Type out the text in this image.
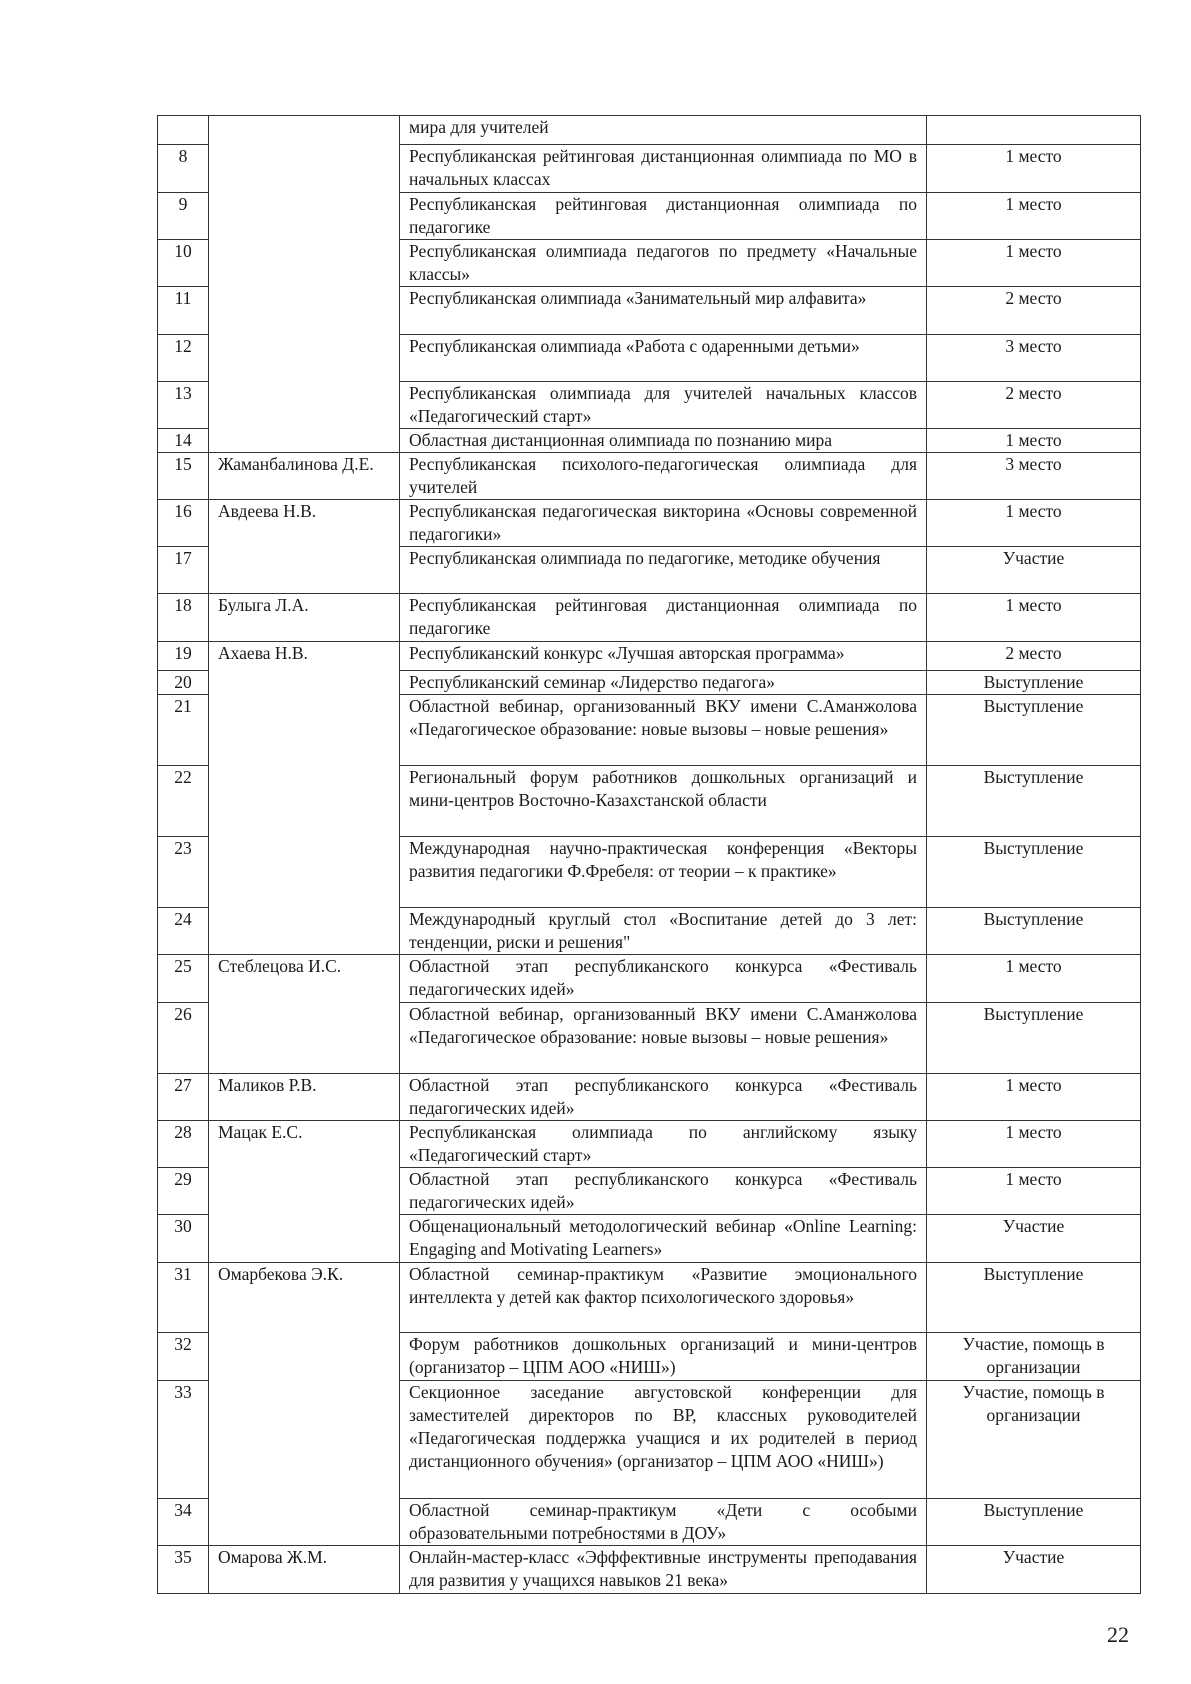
		мира для учителей	
8		Республиканская рейтинговая дистанционная олимпиада по МО в начальных классах	1 место
9		Республиканская рейтинговая дистанционная олимпиада по педагогике	1 место
10		Республиканская олимпиада педагогов по предмету «Начальные классы»	1 место
11		Республиканская олимпиада «Занимательный мир алфавита»	2 место
12		Республиканская олимпиада «Работа с одаренными детьми»	3 место
13		Республиканская олимпиада для учителей начальных классов «Педагогический старт»	2 место
14		Областная дистанционная олимпиада по познанию мира	1 место
15	Жаманбалинова Д.Е.	Республиканская психолого-педагогическая олимпиада для учителей	3 место
16	Авдеева Н.В.	Республиканская педагогическая викторина «Основы современной педагогики»	1 место
17		Республиканская олимпиада по педагогике, методике обучения	Участие
18	Булыга Л.А.	Республиканская рейтинговая дистанционная олимпиада по педагогике	1 место
19	Ахаева Н.В.	Республиканский конкурс «Лучшая авторская программа»	2 место
20		Республиканский семинар «Лидерство педагога»	Выступление
21		Областной вебинар, организованный ВКУ имени С.Аманжолова «Педагогическое образование: новые вызовы – новые решения»	Выступление
22		Региональный форум работников дошкольных организаций и мини-центров Восточно-Казахстанской области	Выступление
23		Международная научно-практическая конференция «Векторы развития педагогики Ф.Фребеля: от теории – к практике»	Выступление
24		Международный круглый стол «Воспитание детей до 3 лет: тенденции, риски и решения"	Выступление
25	Стеблецова И.С.	Областной этап республиканского конкурса «Фестиваль педагогических идей»	1 место
26		Областной вебинар, организованный ВКУ имени С.Аманжолова «Педагогическое образование: новые вызовы – новые решения»	Выступление
27	Маликов Р.В.	Областной этап республиканского конкурса «Фестиваль педагогических идей»	1 место
28	Мацак Е.С.	Республиканская олимпиада по английскому языку «Педагогический старт»	1 место
29		Областной этап республиканского конкурса «Фестиваль педагогических идей»	1 место
30		Общенациональный методологический вебинар «Online Learning: Engaging and Motivating Learners»	Участие
31	Омарбекова Э.К.	Областной семинар-практикум «Развитие эмоционального интеллекта у детей как фактор психологического здоровья»	Выступление
32		Форум работников дошкольных организаций и мини-центров (организатор – ЦПМ АОО «НИШ»)	Участие, помощь в организации
33		Секционное заседание августовской конференции для заместителей директоров по ВР, классных руководителей «Педагогическая поддержка учащися и их родителей в период дистанционного обучения» (организатор – ЦПМ АОО «НИШ»)	Участие, помощь в организации
34		Областной семинар-практикум «Дети с особыми образовательными потребностями в ДОУ»	Выступление
35	Омарова Ж.М.	Онлайн-мастер-класс «Эфффективные инструменты преподавания для развития у учащихся навыков 21 века»	Участие
22
